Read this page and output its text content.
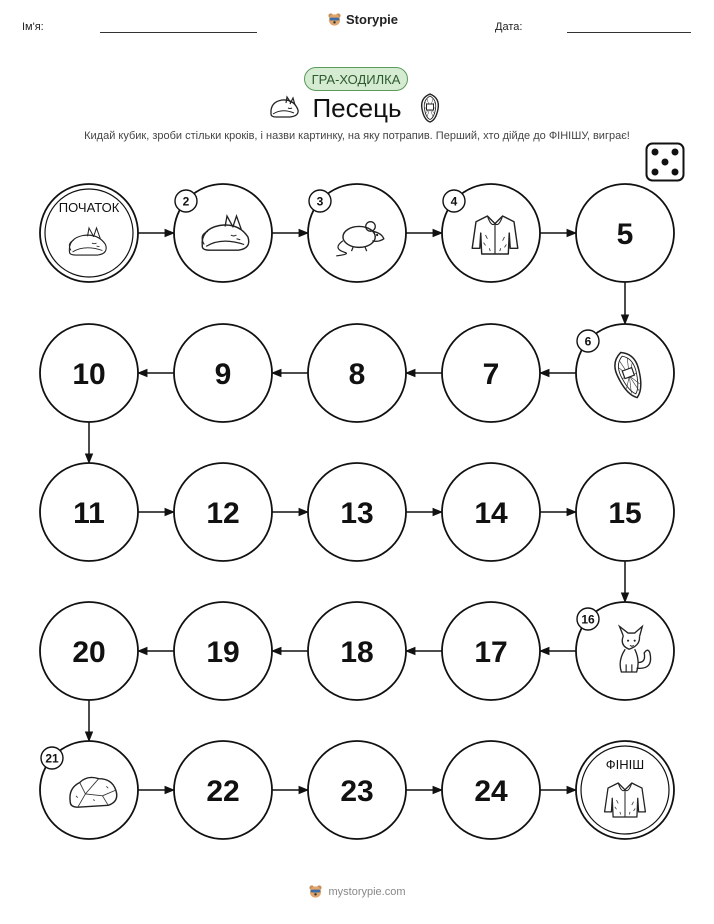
Ім'я:	Storypie	Дата:
ГРА-ХОДИЛКА
Песець
Кидай кубик, зроби стільки кроків, і назви картинку, на яку потрапив. Перший, хто дійде до ФІНІШУ, виграє!
ПОЧАТОК	2	3	4
5
6
7
8
9
10
11	12	13	14	15
16
17
18
19
20
21
22	23	24
ФІНІШ
mystorypie.com
